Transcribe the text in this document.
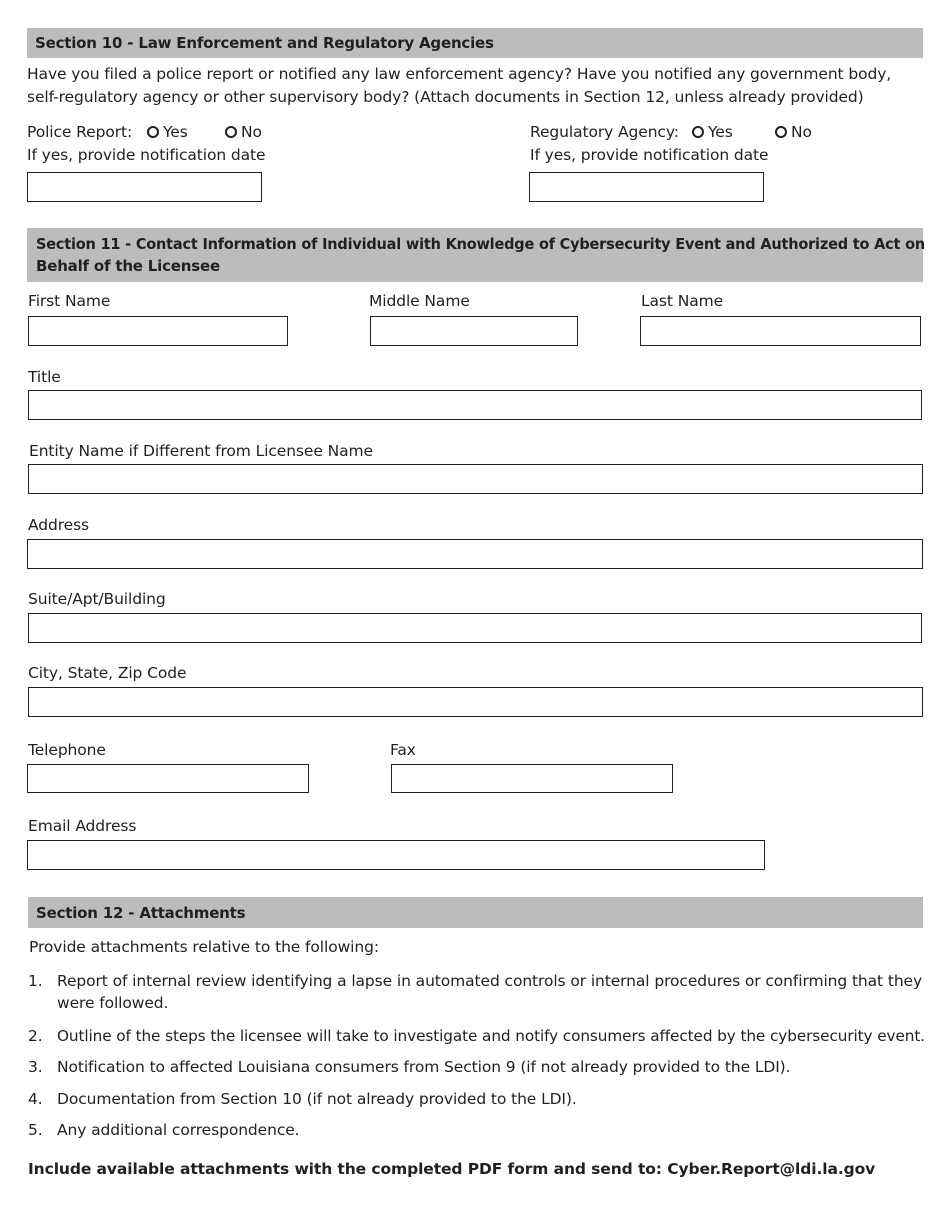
Section 10 - Law Enforcement and Regulatory Agencies
Have you filed a police report or notified any law enforcement agency? Have you notified any government body,
self-regulatory agency or other supervisory body? (Attach documents in Section 12, unless already provided)
Police Report: Yes	No
If yes, provide notification date
Regulatory Agency: Yes	No
If yes, provide notification date
Section 11 - Contact Information of Individual with Knowledge of Cybersecurity Event and Authorized to Act on
Behalf of the Licensee
First Name	Middle Name	Last Name
Title
Entity Name if Different from Licensee Name
Address
Suite/Apt/Building
City, State, Zip Code
Telephone	Fax
Email Address
Section 12 - Attachments
Provide attachments relative to the following:
1. Report of internal review identifying a lapse in automated controls or internal procedures or confirming that they
were followed.
2. Outline of the steps the licensee will take to investigate and notify consumers affected by the cybersecurity event.
3. Notification to affected Louisiana consumers from Section 9 (if not already provided to the LDI).
4. Documentation from Section 10 (if not already provided to the LDI).
5. Any additional correspondence.
Include available attachments with the completed PDF form and send to: Cyber.Report@ldi.la.gov
